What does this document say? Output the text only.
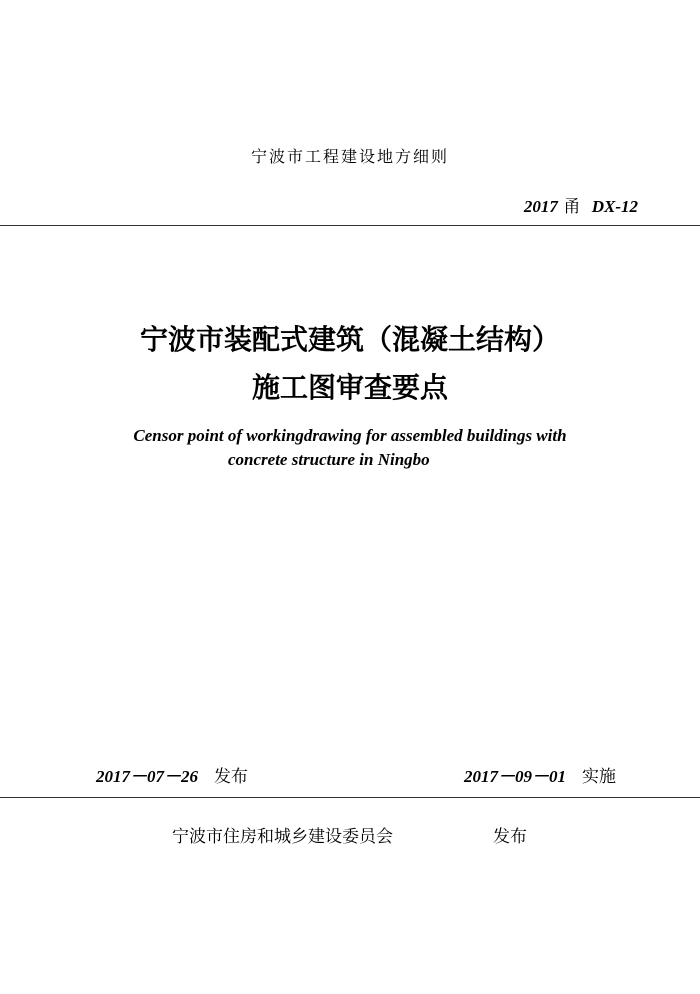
宁波市工程建设地方细则
2017 甬 DX-12
宁波市装配式建筑（混凝土结构）
施工图审查要点
Censor point of workingdrawing for assembled buildings with
concrete structure in Ningbo
2017－07－26 发布	2017－09－01 实施
宁波市住房和城乡建设委员会	发布
